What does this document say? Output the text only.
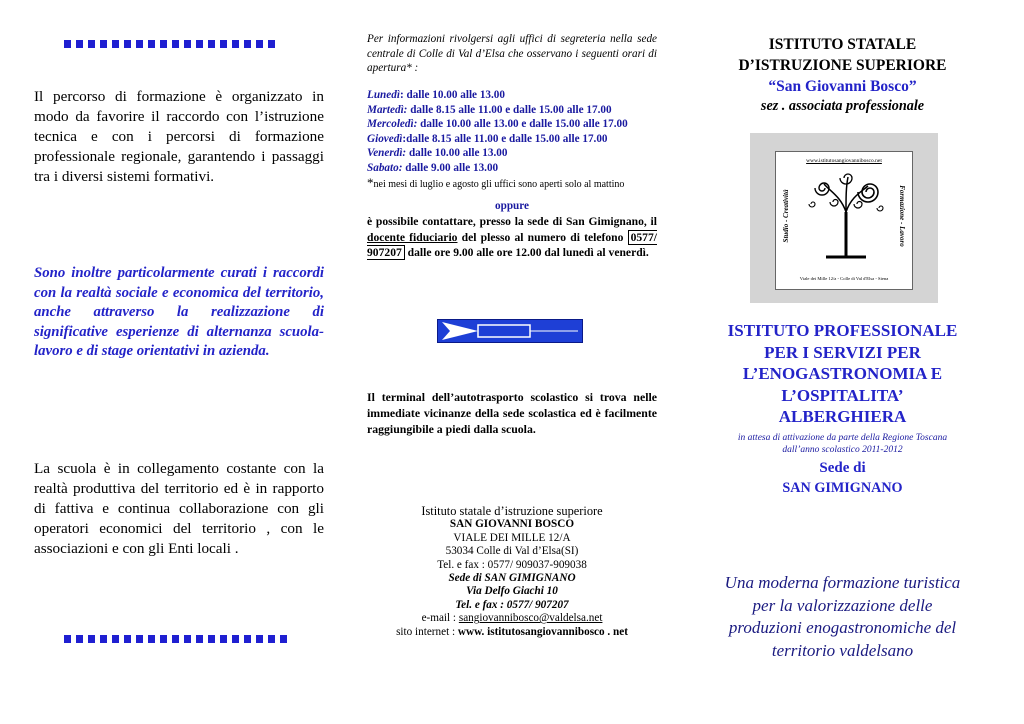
Il percorso di formazione è organizzato in modo da favorire il raccordo con l’istruzione tecnica e con i percorsi di formazione professionale regionale, garantendo i passaggi tra i diversi sistemi formativi.
Sono inoltre particolarmente curati i raccordi con la realtà sociale e economica del territorio, anche attraverso la realizzazione di significative esperienze di alternanza scuola-lavoro e di stage orientativi in azienda.
La scuola è in collegamento costante con la realtà produttiva del territorio ed è in rapporto di fattiva e continua collaborazione con gli operatori economici del territorio , con le associazioni e con gli Enti locali .
Per informazioni rivolgersi agli uffici di segreteria nella sede centrale di Colle di Val d’Elsa che osservano i seguenti orari di apertura* :
Lunedì: dalle 10.00 alle 13.00
Martedì: dalle 8.15 alle 11.00 e dalle 15.00 alle 17.00
Mercoledì: dalle 10.00 alle 13.00 e dalle 15.00 alle 17.00
Giovedì:dalle 8.15 alle 11.00 e dalle 15.00 alle 17.00
Venerdì: dalle 10.00 alle 13.00
Sabato: dalle 9.00 alle 13.00
*nei mesi di luglio e agosto gli uffici sono aperti solo al mattino
oppure
è possibile contattare, presso la sede di San Gimignano, il docente fiduciario del plesso al numero di telefono 0577/ 907207 dalle ore 9.00 alle ore 12.00 dal lunedì al venerdì.
Il terminal dell’autotrasporto scolastico si trova nelle immediate vicinanze della sede scolastica ed è facilmente raggiungibile a piedi dalla scuola.
Istituto statale d’istruzione superiore
SAN GIOVANNI BOSCO
VIALE DEI MILLE 12/A
53034 Colle di Val d’Elsa(SI)
Tel. e fax : 0577/ 909037-909038
Sede di SAN GIMIGNANO
Via Delfo Giachi 10
Tel. e fax : 0577/ 907207
e-mail : sangiovannibosco@valdelsa.net
sito internet : www. istitutosangiovannibosco . net
ISTITUTO STATALE
D’ISTRUZIONE SUPERIORE
“San Giovanni Bosco”
sez . associata professionale
www.istitutosangiovannibosco.net
Studio - Creatività	Formazione - Lavoro
Viale dei Mille 12/a - Colle di Val d'Elsa - Siena
ISTITUTO PROFESSIONALE
PER I SERVIZI PER
L’ENOGASTRONOMIA E
L’OSPITALITA’
ALBERGHIERA
in attesa di attivazione da parte della Regione Toscana
dall’anno scolastico 2011-2012
Sede di
SAN GIMIGNANO
Una moderna formazione turistica
per la valorizzazione delle
produzioni enogastronomiche del
territorio valdelsano
